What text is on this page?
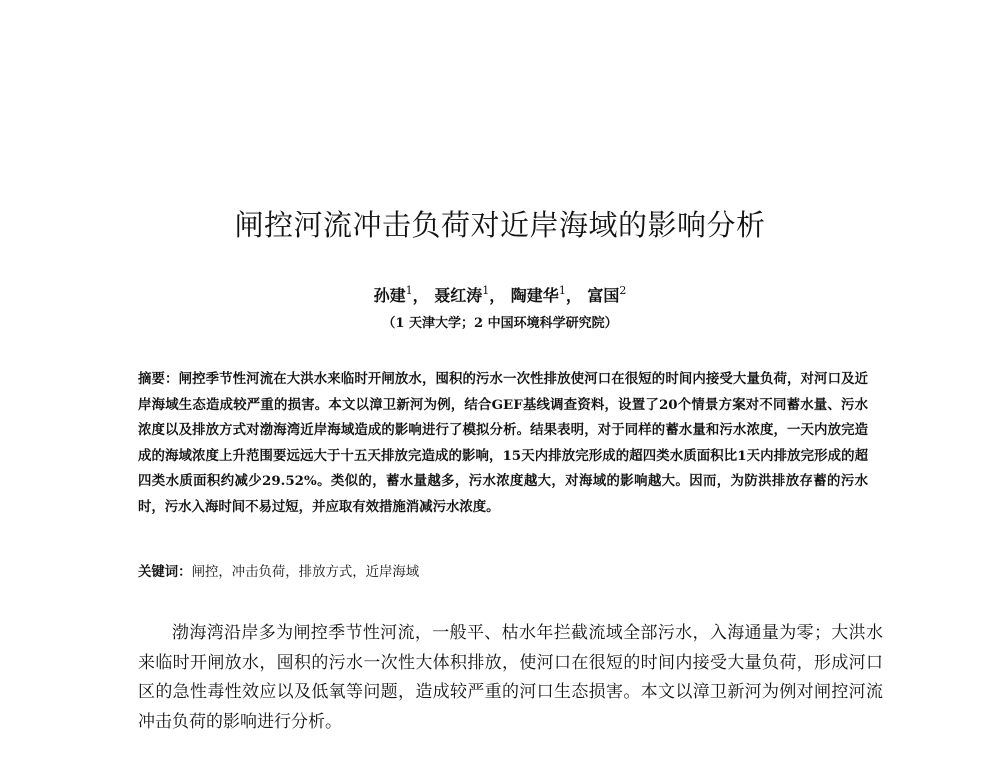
闸控河流冲击负荷对近岸海域的影响分析
孙建$^1$， 聂红涛$^1$， 陶建华$^1$， 富国$^2$
（1 天津大学；2 中国环境科学研究院）

摘要：闸控季节性河流在大洪水来临时开闸放水，囤积的污水一次性排放使河口在很短的时间内接受大量负荷，对河口及近岸海域生态造成较严重的损害。本文以漳卫新河为例，结合GEF基线调查资料，设置了20个情景方案对不同蓄水量、污水浓度以及排放方式对渤海湾近岸海域造成的影响进行了模拟分析。结果表明，对于同样的蓄水量和污水浓度，一天内放完造成的海域浓度上升范围要远远大于十五天排放完造成的影响，15天内排放完形成的超四类水质面积比1天内排放完形成的超四类水质面积约减少29.52%。类似的，蓄水量越多，污水浓度越大，对海域的影响越大。因而，为防洪排放存蓄的污水时，污水入海时间不易过短，并应取有效措施消减污水浓度。

关键词：闸控，冲击负荷，排放方式，近岸海域

渤海湾沿岸多为闸控季节性河流，一般平、枯水年拦截流域全部污水，入海通量为零；大洪水来临时开闸放水，囤积的污水一次性大体积排放，使河口在很短的时间内接受大量负荷，形成河口区的急性毒性效应以及低氧等问题，造成较严重的河口生态损害。本文以漳卫新河为例对闸控河流冲击负荷的影响进行分析。
